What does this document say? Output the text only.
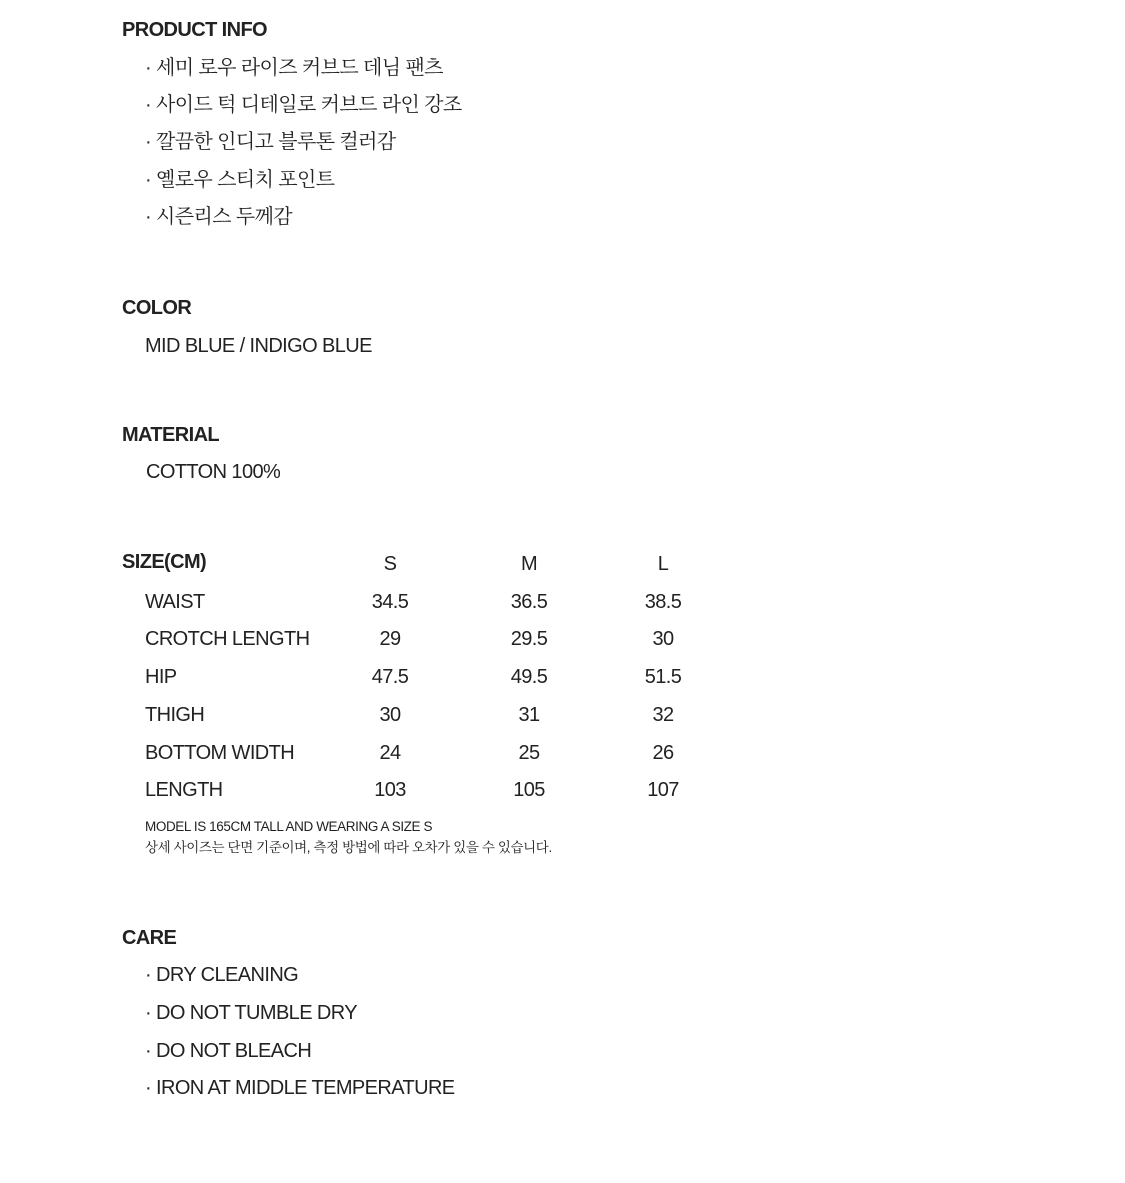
PRODUCT INFO
· 세미 로우 라이즈 커브드 데님 팬츠
· 사이드 턱 디테일로 커브드 라인 강조
· 깔끔한 인디고 블루톤 컬러감
· 옐로우 스티치 포인트
· 시즌리스 두께감
COLOR
MID BLUE / INDIGO BLUE
MATERIAL
COTTON 100%
SIZE(CM)	S	M	L
WAIST	34.5	36.5	38.5
CROTCH LENGTH	29	29.5	30
HIP	47.5	49.5	51.5
THIGH	30	31	32
BOTTOM WIDTH	24	25	26
LENGTH	103	105	107
MODEL IS 165CM TALL AND WEARING A SIZE S
상세 사이즈는 단면 기준이며, 측정 방법에 따라 오차가 있을 수 있습니다.
CARE
· DRY CLEANING
· DO NOT TUMBLE DRY
· DO NOT BLEACH
· IRON AT MIDDLE TEMPERATURE
